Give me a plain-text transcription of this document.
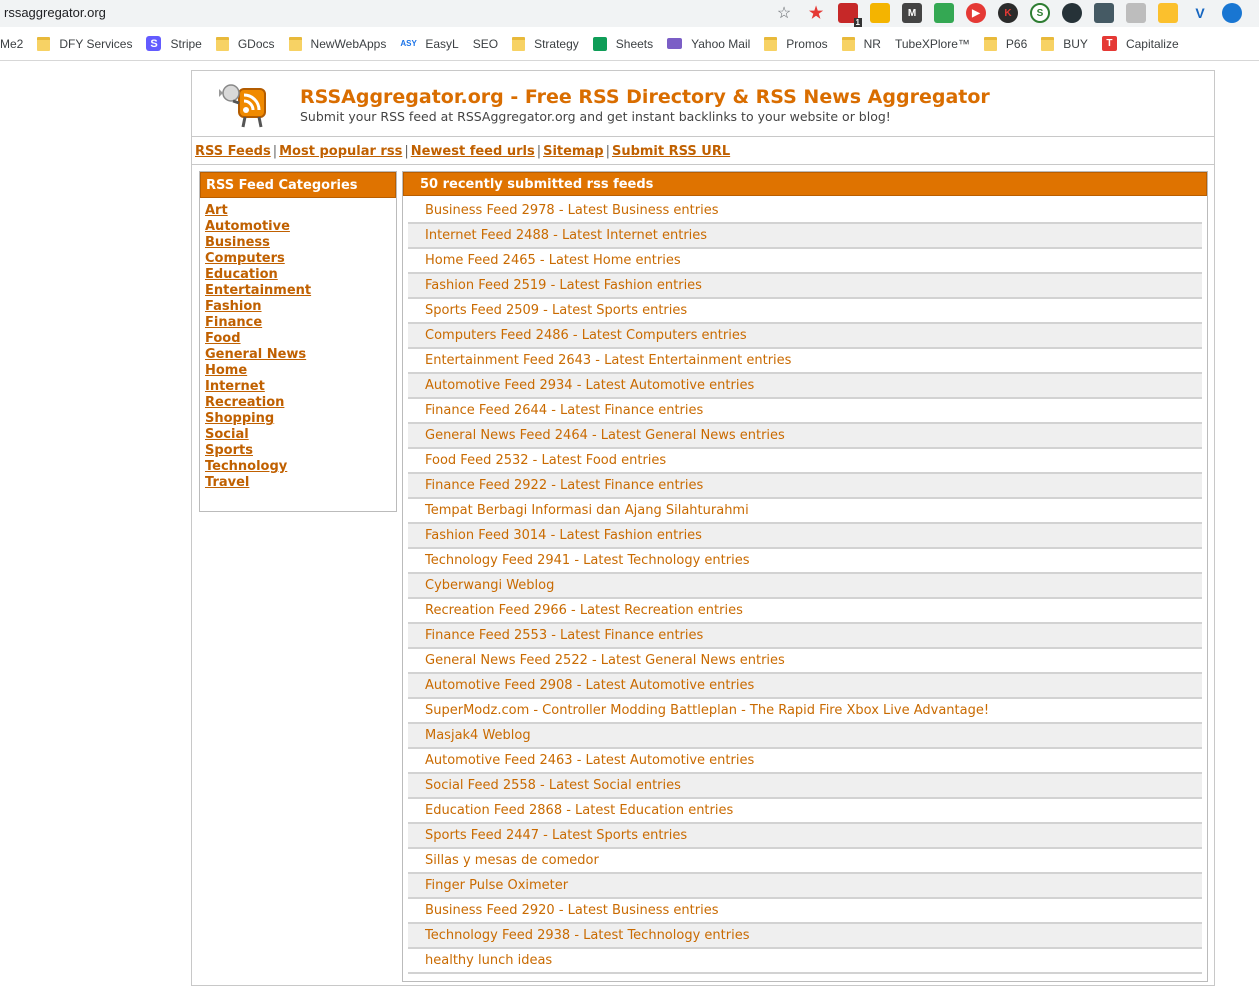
rssaggregator.org	☆ ★
1
M	▶	K	S	V
Me2	DFY Services	S	Stripe	GDocs	NewWebApps ASY EasyL SEO	Strategy	Sheets	Yahoo Mail	Promos	NR TubeXPlore™	P66	BUY	T	Capitalize
RSSAggregator.org - Free RSS Directory & RSS News Aggregator
Submit your RSS feed at RSSAggregator.org and get instant backlinks to your website or blog!
RSS Feeds | Most popular rss | Newest feed urls | Sitemap | Submit RSS URL
RSS Feed Categories
Art
Automotive
Business
Computers
Education
Entertainment
Fashion
Finance
Food
General News
Home
Internet
Recreation
Shopping
Social
Sports
Technology
Travel
50 recently submitted rss feeds
Business Feed 2978 - Latest Business entries
Internet Feed 2488 - Latest Internet entries
Home Feed 2465 - Latest Home entries
Fashion Feed 2519 - Latest Fashion entries
Sports Feed 2509 - Latest Sports entries
Computers Feed 2486 - Latest Computers entries
Entertainment Feed 2643 - Latest Entertainment entries
Automotive Feed 2934 - Latest Automotive entries
Finance Feed 2644 - Latest Finance entries
General News Feed 2464 - Latest General News entries
Food Feed 2532 - Latest Food entries
Finance Feed 2922 - Latest Finance entries
Tempat Berbagi Informasi dan Ajang Silahturahmi
Fashion Feed 3014 - Latest Fashion entries
Technology Feed 2941 - Latest Technology entries
Cyberwangi Weblog
Recreation Feed 2966 - Latest Recreation entries
Finance Feed 2553 - Latest Finance entries
General News Feed 2522 - Latest General News entries
Automotive Feed 2908 - Latest Automotive entries
SuperModz.com - Controller Modding Battleplan - The Rapid Fire Xbox Live Advantage!
Masjak4 Weblog
Automotive Feed 2463 - Latest Automotive entries
Social Feed 2558 - Latest Social entries
Education Feed 2868 - Latest Education entries
Sports Feed 2447 - Latest Sports entries
Sillas y mesas de comedor
Finger Pulse Oximeter
Business Feed 2920 - Latest Business entries
Technology Feed 2938 - Latest Technology entries
healthy lunch ideas
